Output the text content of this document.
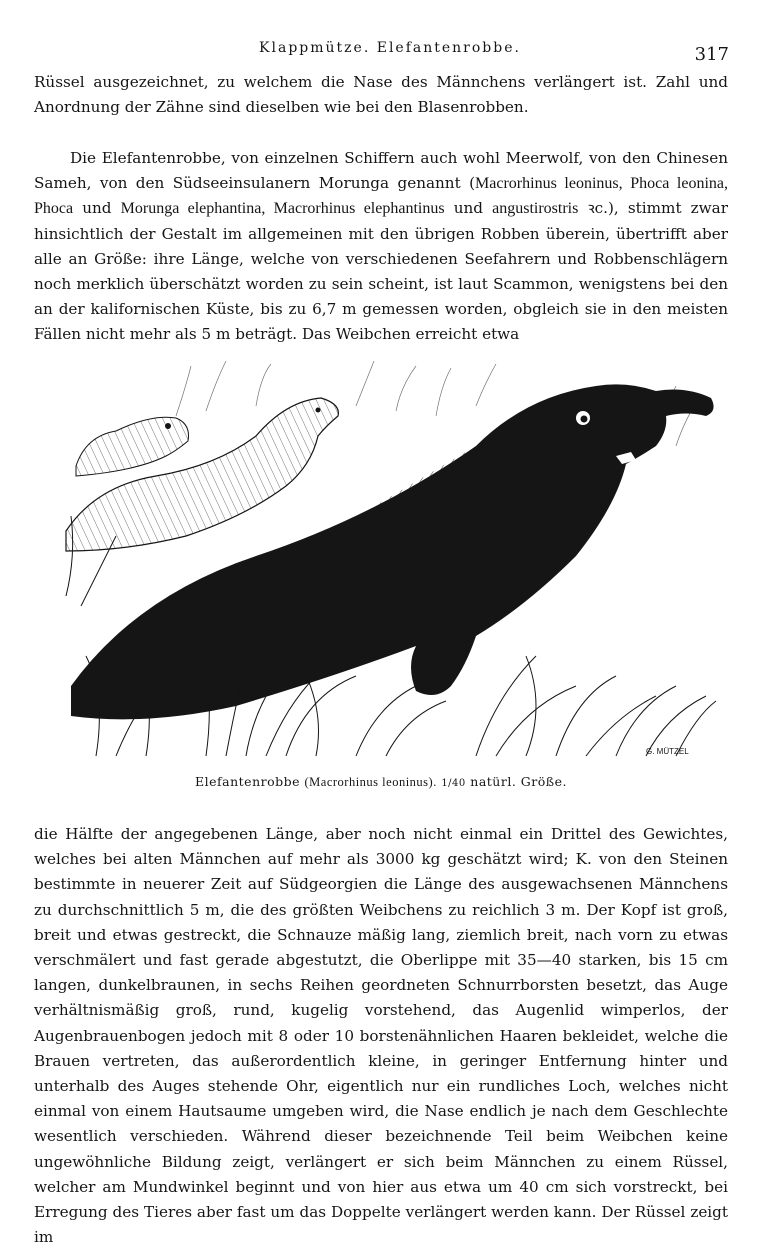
Klappmütze. Elefantenrobbe.	317

Rüssel ausgezeichnet, zu welchem die Nase des Männchens verlängert ist. Zahl und Anordnung der Zähne sind dieselben wie bei den Blasenrobben.

Die Elefantenrobbe, von einzelnen Schiffern auch wohl Meerwolf, von den Chinesen Sameh, von den Südseeinsulanern Morunga genannt (Macrorhinus leoninus, Phoca leonina, Phoca und Morunga elephantina, Macrorhinus elephantinus und angustirostris ꝛc.), stimmt zwar hinsichtlich der Gestalt im allgemeinen mit den übrigen Robben überein, übertrifft aber alle an Größe: ihre Länge, welche von verschiedenen Seefahrern und Robbenschlägern noch merklich überschätzt worden zu sein scheint, ist laut Scammon, wenigstens bei den an der kalifornischen Küste, bis zu 6,7 m gemessen worden, obgleich sie in den meisten Fällen nicht mehr als 5 m beträgt. Das Weibchen erreicht etwa

G. MÜTZEL
Elefantenrobbe (Macrorhinus leoninus). 1/40 natürl. Größe.

die Hälfte der angegebenen Länge, aber noch nicht einmal ein Drittel des Gewichtes, welches bei alten Männchen auf mehr als 3000 kg geschätzt wird; K. von den Steinen bestimmte in neuerer Zeit auf Südgeorgien die Länge des ausgewachsenen Männchens zu durchschnittlich 5 m, die des größten Weibchens zu reichlich 3 m. Der Kopf ist groß, breit und etwas gestreckt, die Schnauze mäßig lang, ziemlich breit, nach vorn zu etwas verschmälert und fast gerade abgestutzt, die Oberlippe mit 35—40 starken, bis 15 cm langen, dunkelbraunen, in sechs Reihen geordneten Schnurrborsten besetzt, das Auge verhältnismäßig groß, rund, kugelig vorstehend, das Augenlid wimperlos, der Augenbrauenbogen jedoch mit 8 oder 10 borstenähnlichen Haaren bekleidet, welche die Brauen vertreten, das außerordentlich kleine, in geringer Entfernung hinter und unterhalb des Auges stehende Ohr, eigentlich nur ein rundliches Loch, welches nicht einmal von einem Hautsaume umgeben wird, die Nase endlich je nach dem Geschlechte wesentlich verschieden. Während dieser bezeichnende Teil beim Weibchen keine ungewöhnliche Bildung zeigt, verlängert er sich beim Männchen zu einem Rüssel, welcher am Mundwinkel beginnt und von hier aus etwa um 40 cm sich vorstreckt, bei Erregung des Tieres aber fast um das Doppelte verlängert werden kann. Der Rüssel zeigt im
